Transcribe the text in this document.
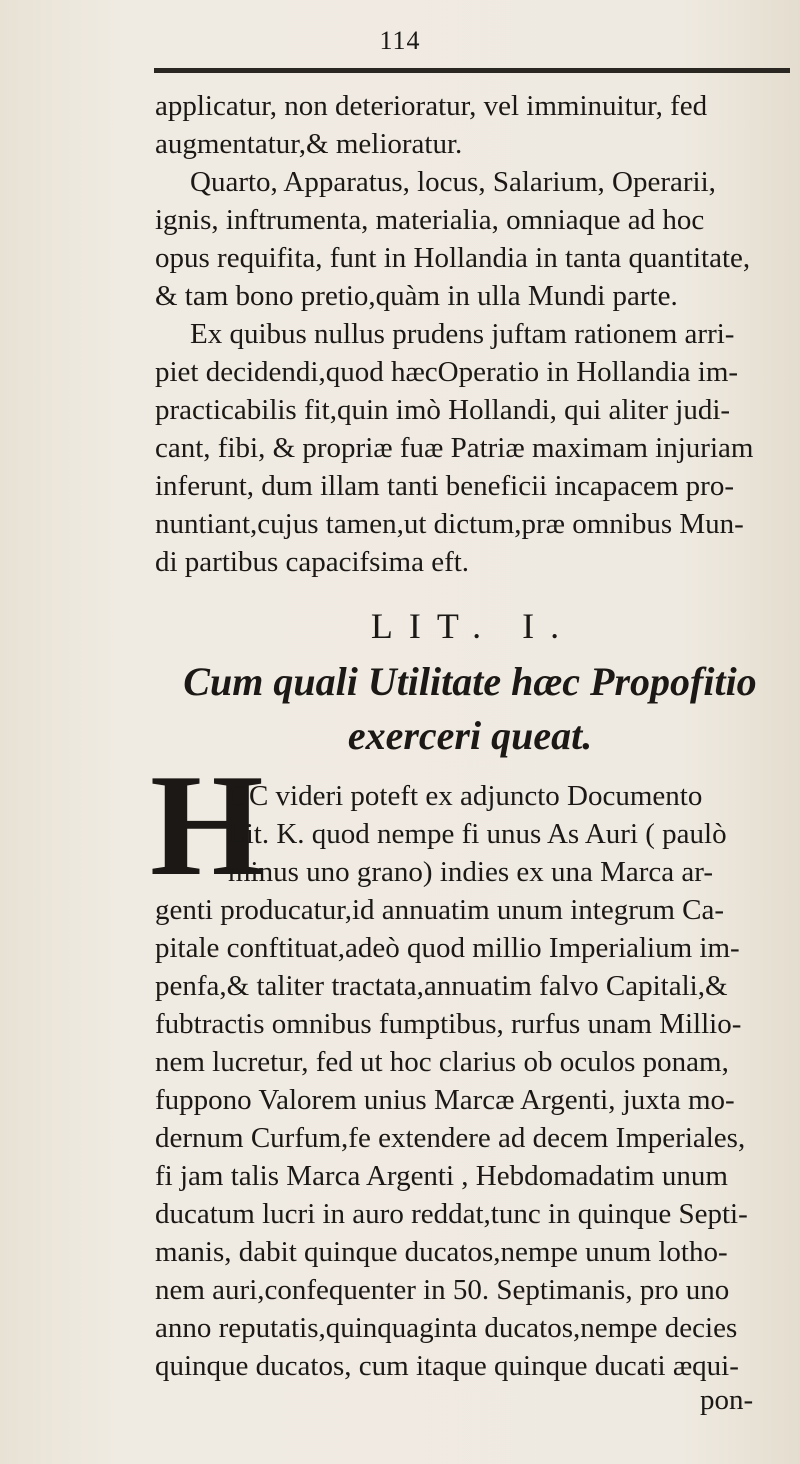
114
applicatur, non deterioratur, vel imminuitur, fed
augmentatur,& melioratur.
Quarto, Apparatus, locus, Salarium, Operarii,
ignis, inftrumenta, materialia, omniaque ad hoc
opus requifita, funt in Hollandia in tanta quantitate,
& tam bono pretio,quàm in ulla Mundi parte.
Ex quibus nullus prudens juftam rationem arri-
piet decidendi,quod hæcOperatio in Hollandia im-
practicabilis fit,quin imò Hollandi, qui aliter judi-
cant, fibi, & propriæ fuæ Patriæ maximam injuriam
inferunt, dum illam tanti beneficii incapacem pro-
nuntiant,cujus tamen,ut dictum,præ omnibus Mun-
di partibus capacifsima eft.
LIT. I.
Cum quali Utilitate hæc Propofitio
exerceri queat.
H
OC videri poteft ex adjuncto Documento
Lit. K. quod nempe fi unus As Auri ( paulò
minus uno grano) indies ex una Marca ar-
genti producatur,id annuatim unum integrum Ca-
pitale conftituat,adeò quod millio Imperialium im-
penfa,& taliter tractata,annuatim falvo Capitali,&
fubtractis omnibus fumptibus, rurfus unam Millio-
nem lucretur, fed ut hoc clarius ob oculos ponam,
fuppono Valorem unius Marcæ Argenti, juxta mo-
dernum Curfum,fe extendere ad decem Imperiales,
fi jam talis Marca Argenti , Hebdomadatim unum
ducatum lucri in auro reddat,tunc in quinque Septi-
manis, dabit quinque ducatos,nempe unum lotho-
nem auri,confequenter in 50. Septimanis, pro uno
anno reputatis,quinquaginta ducatos,nempe decies
quinque ducatos, cum itaque quinque ducati æqui-
pon-
